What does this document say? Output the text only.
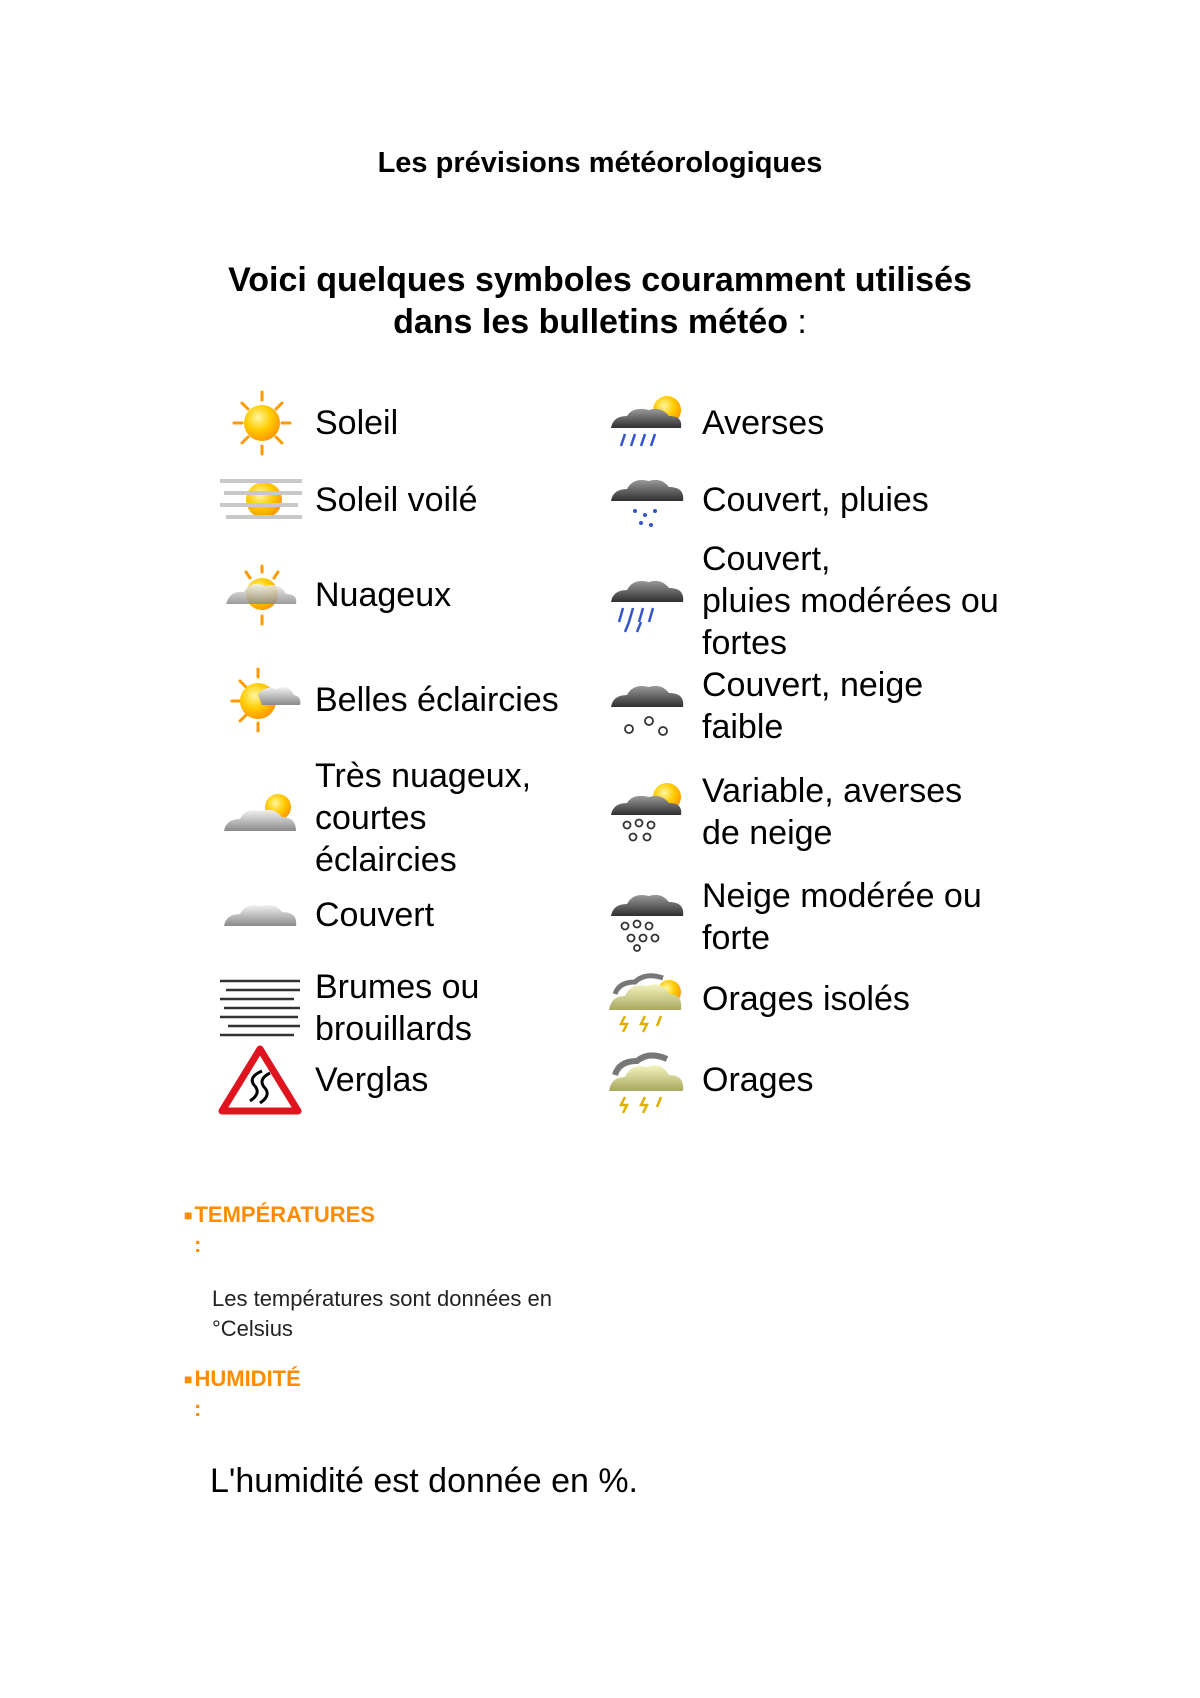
Les prévisions météorologiques
Voici quelques symboles couramment utilisés
dans les bulletins météo :
Soleil
Soleil voilé
Nuageux
Belles éclaircies
Très nuageux,
courtes
éclaircies
Couvert
Brumes ou
brouillards
Verglas
Averses
Couvert, pluies
Couvert,
pluies modérées ou
fortes
Couvert, neige
faible
Variable, averses
de neige
Neige modérée ou
forte
Orages isolés
Orages
■TEMPÉRATURES
:
Les températures sont données en °Celsius
■HUMIDITÉ
:
L'humidité est donnée en %.
